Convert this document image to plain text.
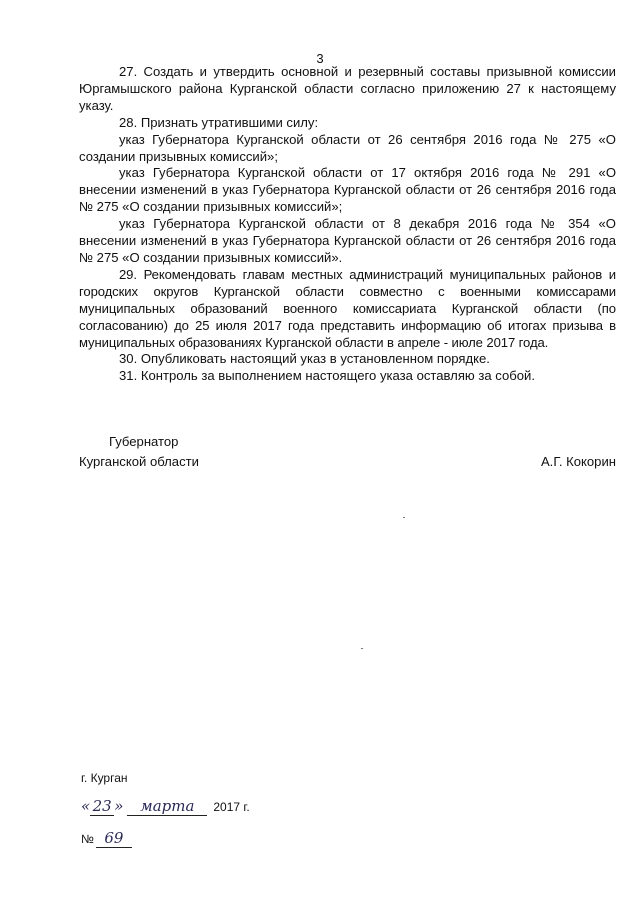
3

27. Создать и утвердить основной и резервный составы призывной комиссии Юргамышского района Курганской области согласно приложению 27 к настоящему указу.

28. Признать утратившими силу:

указ Губернатора Курганской области от 26 сентября 2016 года № 275 «О создании призывных комиссий»;

указ Губернатора Курганской области от 17 октября 2016 года № 291 «О внесении изменений в указ Губернатора Курганской области от 26 сентября 2016 года № 275 «О создании призывных комиссий»;

указ Губернатора Курганской области от 8 декабря 2016 года № 354 «О внесении изменений в указ Губернатора Курганской области от 26 сентября 2016 года № 275 «О создании призывных комиссий».

29. Рекомендовать главам местных администраций муниципальных районов и городских округов Курганской области совместно с военными комиссарами муниципальных образований военного комиссариата Курганской области (по согласованию) до 25 июля 2017 года представить информацию об итогах призыва в муниципальных образованиях Курганской области в апреле - июле 2017 года.

30. Опубликовать настоящий указ в установленном порядке.

31. Контроль за выполнением настоящего указа оставляю за собой.

Губернатор
Курганской области	А.Г. Кокорин
г. Курган
« 23 »	марта	2017 г.
№ 69
